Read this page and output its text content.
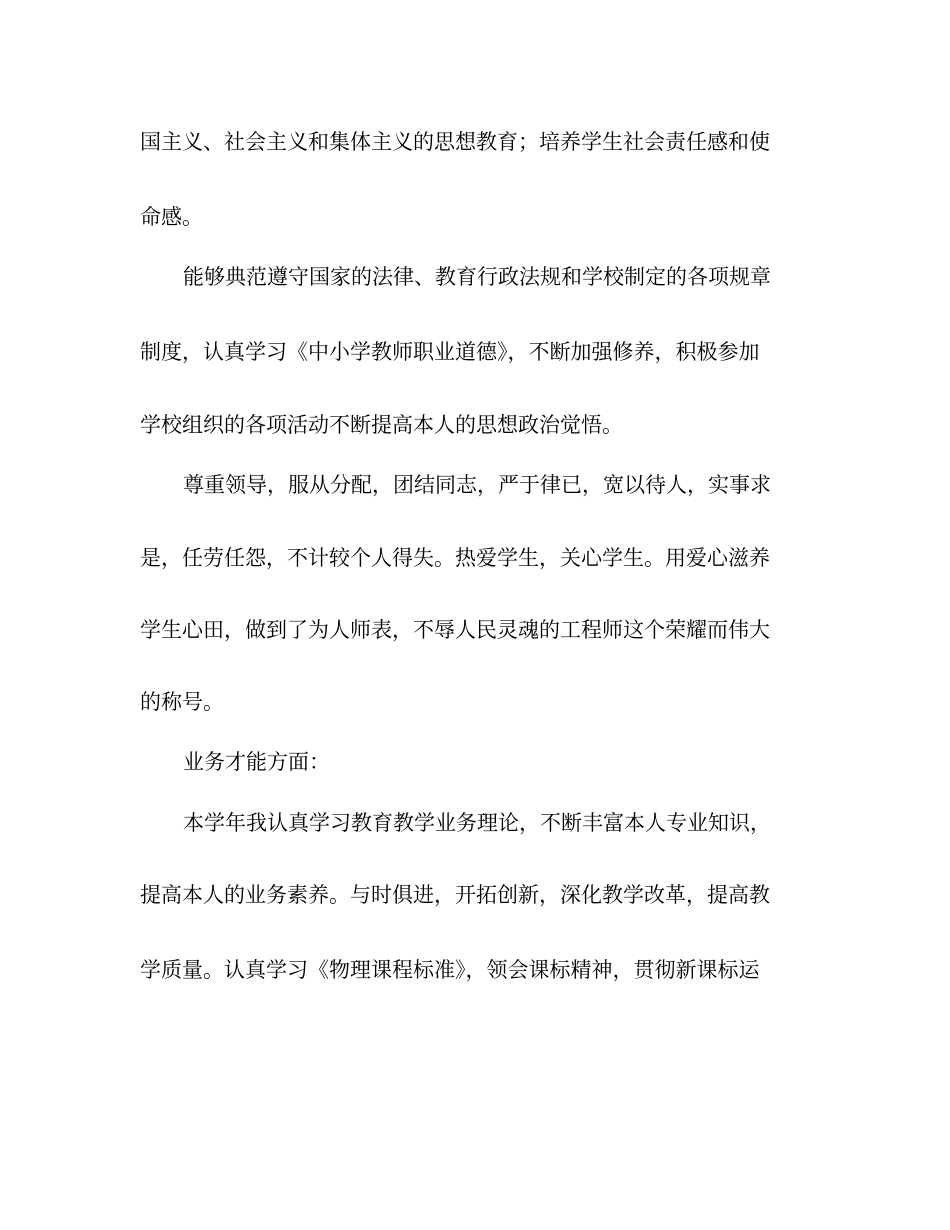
国主义、社会主义和集体主义的思想教育；培养学生社会责任感和使
命感。
能够典范遵守国家的法律、教育行政法规和学校制定的各项规章
制度，认真学习《中小学教师职业道德》，不断加强修养，积极参加
学校组织的各项活动不断提高本人的思想政治觉悟。
尊重领导，服从分配，团结同志，严于律已，宽以待人，实事求
是，任劳任怨，不计较个人得失。热爱学生，关心学生。用爱心滋养
学生心田，做到了为人师表，不辱人民灵魂的工程师这个荣耀而伟大
的称号。
业务才能方面：
本学年我认真学习教育教学业务理论，不断丰富本人专业知识，
提高本人的业务素养。与时俱进，开拓创新，深化教学改革，提高教
学质量。认真学习《物理课程标准》，领会课标精神，贯彻新课标运
